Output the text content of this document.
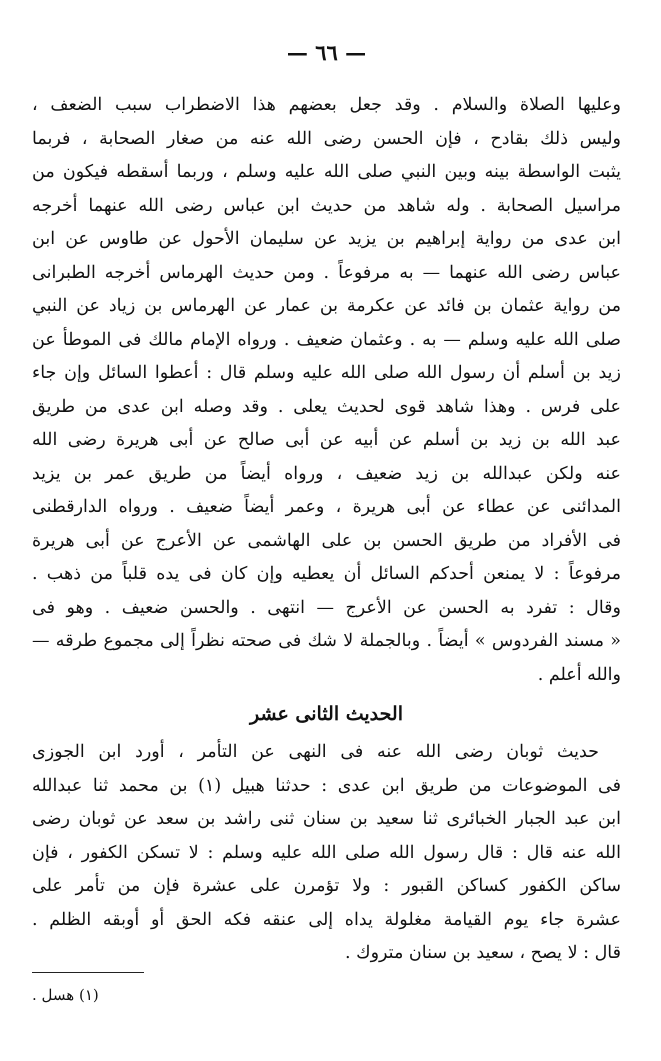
— ٦٦ —
وعليها الصلاة والسلام . وقد جعل بعضهم هذا الاضطراب سبب الضعف ،
وليس ذلك بقادح ، فإن الحسن رضى الله عنه من صغار الصحابة ، فربما
يثبت الواسطة بينه وبين النبي صلى الله عليه وسلم ، وربما أسقطه فيكون من
مراسيل الصحابة . وله شاهد من حديث ابن عباس رضى الله عنهما أخرجه
ابن عدى من رواية إبراهيم بن يزيد عن سليمان الأحول عن طاوس عن ابن
عباس رضى الله عنهما — به مرفوعاً . ومن حديث الهرماس أخرجه الطبرانى
من رواية عثمان بن فائد عن عكرمة بن عمار عن الهرماس بن زياد عن النبي
صلى الله عليه وسلم — به . وعثمان ضعيف . ورواه الإمام مالك فى الموطأ عن
زيد بن أسلم أن رسول الله صلى الله عليه وسلم قال : أعطوا السائل وإن جاء
على فرس . وهذا شاهد قوى لحديث يعلى . وقد وصله ابن عدى من طريق
عبد الله بن زيد بن أسلم عن أبيه عن أبى صالح عن أبى هريرة رضى الله
عنه ولكن عبدالله بن زيد ضعيف ، ورواه أيضاً من طريق عمر بن يزيد
المدائنى عن عطاء عن أبى هريرة ، وعمر أيضاً ضعيف . ورواه الدارقطنى
فى الأفراد من طريق الحسن بن على الهاشمى عن الأعرج عن أبى هريرة
مرفوعاً : لا يمنعن أحدكم السائل أن يعطيه وإن كان فى يده قلباً من ذهب .
وقال : تفرد به الحسن عن الأعرج — انتهى . والحسن ضعيف . وهو فى
« مسند الفردوس » أيضاً . وبالجملة لا شك فى صحته نظراً إلى مجموع طرقه —
والله أعلم .
الحديث الثانى عشر
حديث ثوبان رضى الله عنه فى النهى عن التأمر ، أورد ابن الجوزى
فى الموضوعات من طريق ابن عدى : حدثنا هبيل (١) بن محمد ثنا عبدالله
ابن عبد الجبار الخبائرى ثنا سعيد بن سنان ثنى راشد بن سعد عن ثوبان رضى
الله عنه قال : قال رسول الله صلى الله عليه وسلم : لا تسكن الكفور ، فإن
ساكن الكفور كساكن القبور : ولا تؤمرن على عشرة فإن من تأمر على
عشرة جاء يوم القيامة مغلولة يداه إلى عنقه فكه الحق أو أوبقه الظلم .
قال : لا يصح ، سعيد بن سنان متروك .
(١) هسل .
